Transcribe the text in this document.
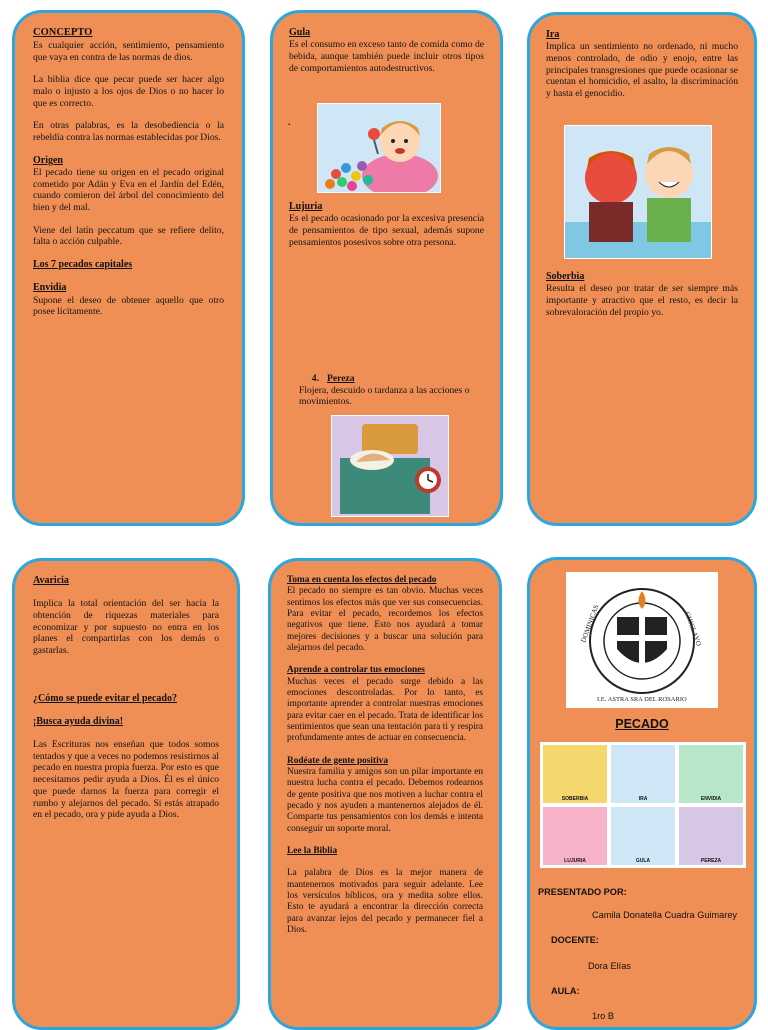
CONCEPTO

Es cualquier acción, sentimiento, pensamiento que vaya en contra de las normas de dios.

La biblia dice que pecar puede ser hacer algo malo o injusto a los ojos de Dios o no hacer lo que es correcto.

En otras palabras, es la desobediencia o la rebeldía contra las normas establecidas por Dios.

Origen

El pecado tiene su origen en el pecado original cometido por Adán y Eva en el Jardín del Edén, cuando comieron del árbol del conocimiento del bien y del mal.

Viene del latín peccatum que se refiere delito, falta o acción culpable.

Los 7 pecados capitales

Envidia

Supone el deseo de obtener aquello que otro posee lícitamente.

Gula

Es el consumo en exceso tanto de comida como de bebida, aunque también puede incluir otros tipos de comportamientos autodestructivos.

.

Lujuria

Es el pecado ocasionado por la excesiva presencia de pensamientos de tipo sexual, además supone pensamientos posesivos sobre otra persona.

4. Pereza

Flojera, descuido o tardanza a las acciones o movimientos.

Ira

Implica un sentimiento no ordenado, ni mucho menos controlado, de odio y enojo, entre las principales transgresiones que puede ocasionar se cuentan el homicidio, el asalto, la discriminación y hasta el genocidio.

Soberbia

Resulta el deseo por tratar de ser siempre más importante y atractivo que el resto, es decir la sobrevaloración del propio yo.

Avaricia

Implica la total orientación del ser hacia la obtención de riquezas materiales para economizar y por supuesto no entra en los planes el compartirlas con los demás o gastarlas.

¿Cómo se puede evitar el pecado?

¡Busca ayuda divina!

Las Escrituras nos enseñan que todos somos tentados y que a veces no podemos resistirnos al pecado en nuestra propia fuerza. Por esto es que necesitamos pedir ayuda a Dios. Él es el único que puede darnos la fuerza para corregir el rumbo y alejarnos del pecado. Si estás atrapado en el pecado, ora y pide ayuda a Dios.

Toma en cuenta los efectos del pecado

El pecado no siempre es tan obvio. Muchas veces sentimos los efectos más que ver sus consecuencias. Para evitar el pecado, recordemos los efectos negativos que tiene. Esto nos ayudará a tomar mejores decisiones y a buscar una solución para alejarnos del pecado.

Aprende a controlar tus emociones

Muchas veces el pecado surge debido a las emociones descontroladas. Por lo tanto, es importante aprender a controlar nuestras emociones para evitar caer en el pecado. Trata de identificar los sentimientos que sean una tentación para ti y respira profundamente antes de actuar en consecuencia.

Rodéate de gente positiva

Nuestra familia y amigos son un pilar importante en nuestra lucha contra el pecado. Debemos rodearnos de gente positiva que nos motiven a luchar contra el pecado y nos ayuden a mantenernos alejados de él. Comparte tus pensamientos con los demás e intenta conseguir un soporte moral.

Lee la Biblia

La palabra de Dios es la mejor manera de mantenernos motivados para seguir adelante. Lee los versículos bíblicos, ora y medita sobre ellos. Esto te ayudará a encontrar la dirección correcta para avanzar lejos del pecado y permanecer fiel a Dios.

DOMINICAS	CHICLAYO
I.E. ASTRA SRA DEL ROSARIO

PECADO

SOBERBIA	IRA	ENVIDIA
LUJURIA	GULA	PEREZA

PRESENTADO POR:

Camila Donatella Cuadra Guimarey

DOCENTE:

Dora Elías

AULA:

1ro B
